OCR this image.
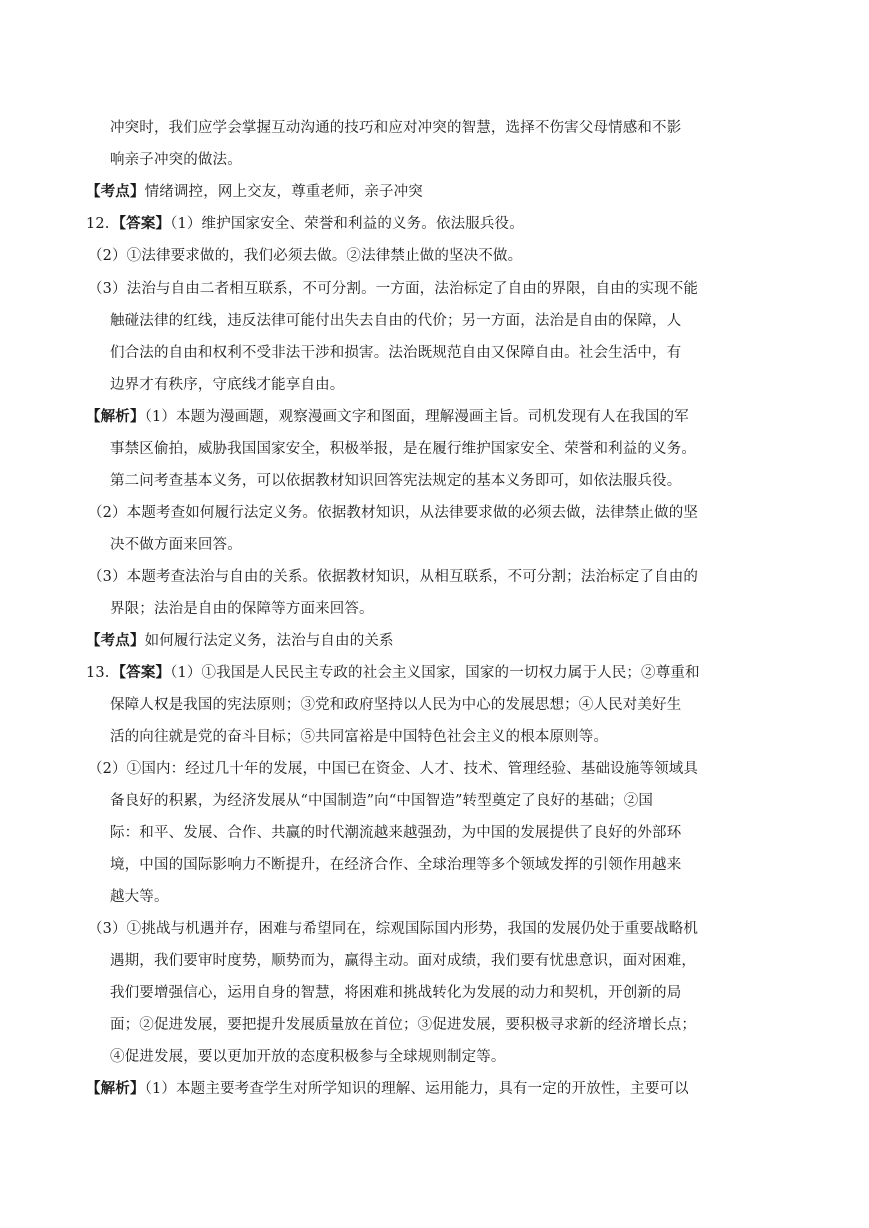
冲突时，我们应学会掌握互动沟通的技巧和应对冲突的智慧，选择不伤害父母情感和不影
响亲子冲突的做法。
【考点】情绪调控，网上交友，尊重老师，亲子冲突
12. 【答案】（1）维护国家安全、荣誉和利益的义务。依法服兵役。
（2）①法律要求做的，我们必须去做。②法律禁止做的坚决不做。
（3）法治与自由二者相互联系，不可分割。一方面，法治标定了自由的界限，自由的实现不能
触碰法律的红线，违反法律可能付出失去自由的代价；另一方面，法治是自由的保障，人
们合法的自由和权利不受非法干涉和损害。法治既规范自由又保障自由。社会生活中，有
边界才有秩序，守底线才能享自由。
【解析】（1）本题为漫画题，观察漫画文字和图面，理解漫画主旨。司机发现有人在我国的军
事禁区偷拍，威胁我国国家安全，积极举报，是在履行维护国家安全、荣誉和利益的义务。
第二问考查基本义务，可以依据教材知识回答宪法规定的基本义务即可，如依法服兵役。
（2）本题考查如何履行法定义务。依据教材知识，从法律要求做的必须去做，法律禁止做的坚
决不做方面来回答。
（3）本题考查法治与自由的关系。依据教材知识，从相互联系，不可分割；法治标定了自由的
界限；法治是自由的保障等方面来回答。
【考点】如何履行法定义务，法治与自由的关系
13. 【答案】（1）①我国是人民民主专政的社会主义国家，国家的一切权力属于人民；②尊重和
保障人权是我国的宪法原则；③党和政府坚持以人民为中心的发展思想；④人民对美好生
活的向往就是党的奋斗目标；⑤共同富裕是中国特色社会主义的根本原则等。
（2）①国内：经过几十年的发展，中国已在资金、人才、技术、管理经验、基础设施等领域具
备良好的积累，为经济发展从“中国制造”向“中国智造”转型奠定了良好的基础；②国
际：和平、发展、合作、共赢的时代潮流越来越强劲，为中国的发展提供了良好的外部环
境，中国的国际影响力不断提升，在经济合作、全球治理等多个领域发挥的引领作用越来
越大等。
（3）①挑战与机遇并存，困难与希望同在，综观国际国内形势，我国的发展仍处于重要战略机
遇期，我们要审时度势，顺势而为，赢得主动。面对成绩，我们要有忧患意识，面对困难，
我们要增强信心，运用自身的智慧，将困难和挑战转化为发展的动力和契机，开创新的局
面；②促进发展，要把提升发展质量放在首位；③促进发展，要积极寻求新的经济增长点；
④促进发展，要以更加开放的态度积极参与全球规则制定等。
【解析】（1）本题主要考查学生对所学知识的理解、运用能力，具有一定的开放性，主要可以
